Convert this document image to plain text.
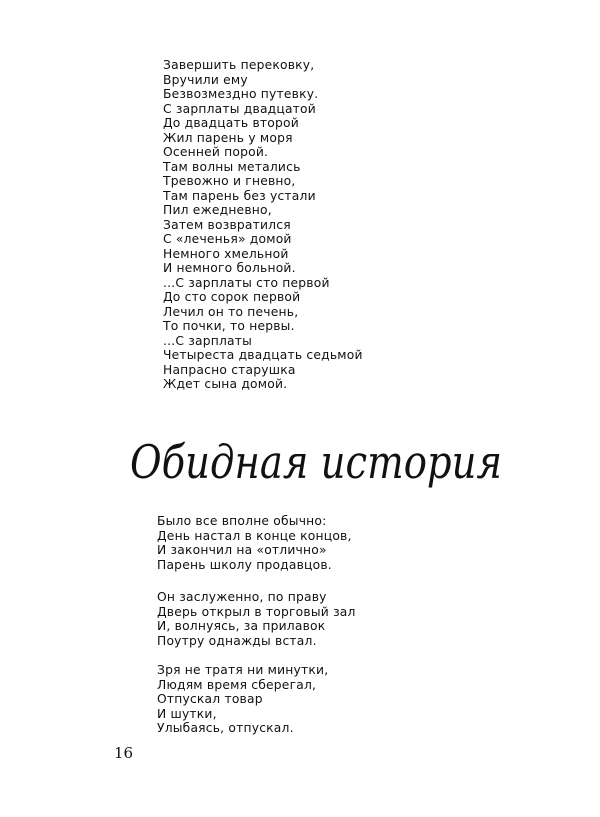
Завершить перековку,
Вручили ему
Безвозмездно путевку.
С зарплаты двадцатой
До двадцать второй
Жил парень у моря
Осенней порой.
Там волны метались
Тревожно и гневно,
Там парень без устали
Пил ежедневно,
Затем возвратился
С «леченья» домой
Немного хмельной
И немного больной.
...С зарплаты сто первой
До сто сорок первой
Лечил он то печень,
То почки, то нервы.
...С зарплаты
Четыреста двадцать седьмой
Напрасно старушка
Ждет сына домой.
Обидная история
Было все вполне обычно:
День настал в конце концов,
И закончил на «отлично»
Парень школу продавцов.
Он заслуженно, по праву
Дверь открыл в торговый зал
И, волнуясь, за прилавок
Поутру однажды встал.
Зря не тратя ни минутки,
Людям время сберегал,
Отпускал товар
И шутки,
Улыбаясь, отпускал.
16
